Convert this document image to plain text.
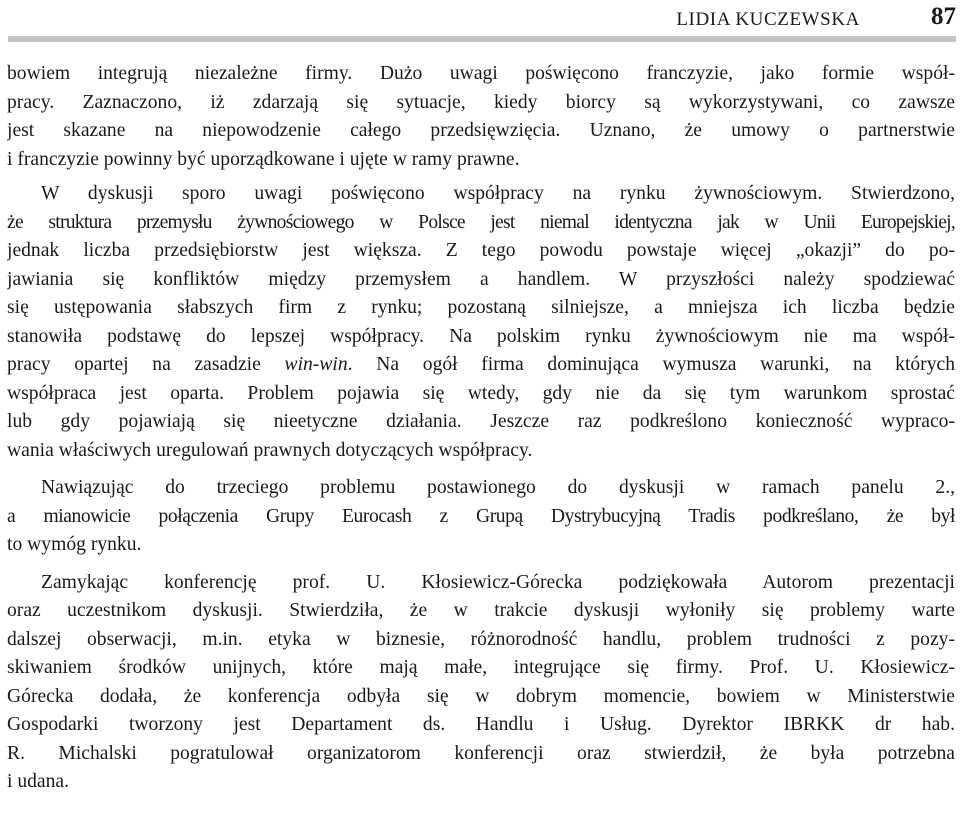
LIDIA KUCZEWSKA	87

bowiem integrują niezależne firmy. Dużo uwagi poświęcono franczyzie, jako formie współ-
pracy. Zaznaczono, iż zdarzają się sytuacje, kiedy biorcy są wykorzystywani, co zawsze
jest skazane na niepowodzenie całego przedsięwzięcia. Uznano, że umowy o partnerstwie
i franczyzie powinny być uporządkowane i ujęte w ramy prawne.

W dyskusji sporo uwagi poświęcono współpracy na rynku żywnościowym. Stwierdzono,
że struktura przemysłu żywnościowego w Polsce jest niemal identyczna jak w Unii Europejskiej,
jednak liczba przedsiębiorstw jest większa. Z tego powodu powstaje więcej „okazji” do po-
jawiania się konfliktów między przemysłem a handlem. W przyszłości należy spodziewać
się ustępowania słabszych firm z rynku; pozostaną silniejsze, a mniejsza ich liczba będzie
stanowiła podstawę do lepszej współpracy. Na polskim rynku żywnościowym nie ma współ-
pracy opartej na zasadzie win-win. Na ogół firma dominująca wymusza warunki, na których
współpraca jest oparta. Problem pojawia się wtedy, gdy nie da się tym warunkom sprostać
lub gdy pojawiają się nieetyczne działania. Jeszcze raz podkreślono konieczność wypraco-
wania właściwych uregulowań prawnych dotyczących współpracy.

Nawiązując do trzeciego problemu postawionego do dyskusji w ramach panelu 2.,
a mianowicie połączenia Grupy Eurocash z Grupą Dystrybucyjną Tradis podkreślano, że był
to wymóg rynku.

Zamykając konferencję prof. U. Kłosiewicz-Górecka podziękowała Autorom prezentacji
oraz uczestnikom dyskusji. Stwierdziła, że w trakcie dyskusji wyłoniły się problemy warte
dalszej obserwacji, m.in. etyka w biznesie, różnorodność handlu, problem trudności z pozy-
skiwaniem środków unijnych, które mają małe, integrujące się firmy. Prof. U. Kłosiewicz-
Górecka dodała, że konferencja odbyła się w dobrym momencie, bowiem w Ministerstwie
Gospodarki tworzony jest Departament ds. Handlu i Usług. Dyrektor IBRKK dr hab.
R. Michalski pogratulował organizatorom konferencji oraz stwierdził, że była potrzebna
i udana.
